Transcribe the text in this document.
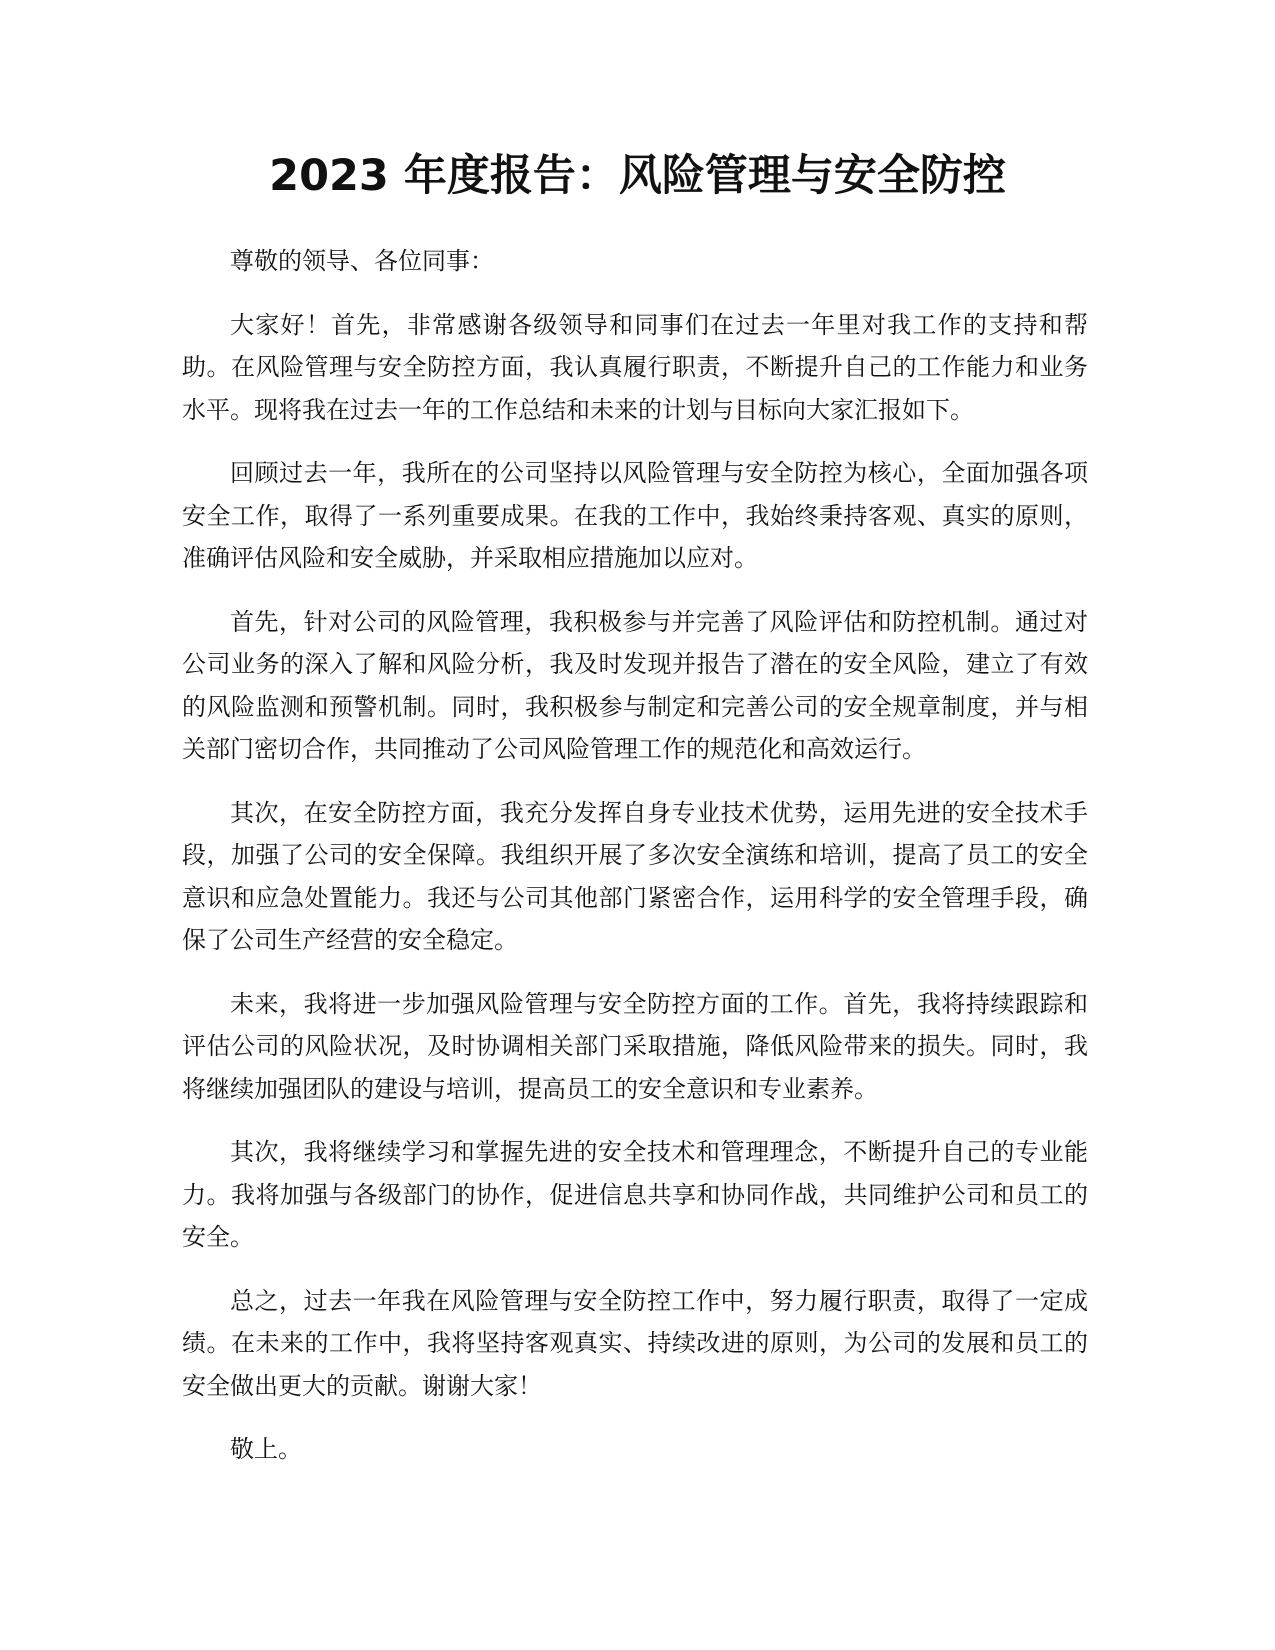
2023 年度报告：风险管理与安全防控

尊敬的领导、各位同事：

大家好！首先，非常感谢各级领导和同事们在过去一年里对我工作的支持和帮助。在风险管理与安全防控方面，我认真履行职责，不断提升自己的工作能力和业务水平。现将我在过去一年的工作总结和未来的计划与目标向大家汇报如下。

回顾过去一年，我所在的公司坚持以风险管理与安全防控为核心，全面加强各项安全工作，取得了一系列重要成果。在我的工作中，我始终秉持客观、真实的原则，准确评估风险和安全威胁，并采取相应措施加以应对。

首先，针对公司的风险管理，我积极参与并完善了风险评估和防控机制。通过对公司业务的深入了解和风险分析，我及时发现并报告了潜在的安全风险，建立了有效的风险监测和预警机制。同时，我积极参与制定和完善公司的安全规章制度，并与相关部门密切合作，共同推动了公司风险管理工作的规范化和高效运行。

其次，在安全防控方面，我充分发挥自身专业技术优势，运用先进的安全技术手段，加强了公司的安全保障。我组织开展了多次安全演练和培训，提高了员工的安全意识和应急处置能力。我还与公司其他部门紧密合作，运用科学的安全管理手段，确保了公司生产经营的安全稳定。

未来，我将进一步加强风险管理与安全防控方面的工作。首先，我将持续跟踪和评估公司的风险状况，及时协调相关部门采取措施，降低风险带来的损失。同时，我将继续加强团队的建设与培训，提高员工的安全意识和专业素养。

其次，我将继续学习和掌握先进的安全技术和管理理念，不断提升自己的专业能力。我将加强与各级部门的协作，促进信息共享和协同作战，共同维护公司和员工的安全。

总之，过去一年我在风险管理与安全防控工作中，努力履行职责，取得了一定成绩。在未来的工作中，我将坚持客观真实、持续改进的原则，为公司的发展和员工的安全做出更大的贡献。谢谢大家！

敬上。
